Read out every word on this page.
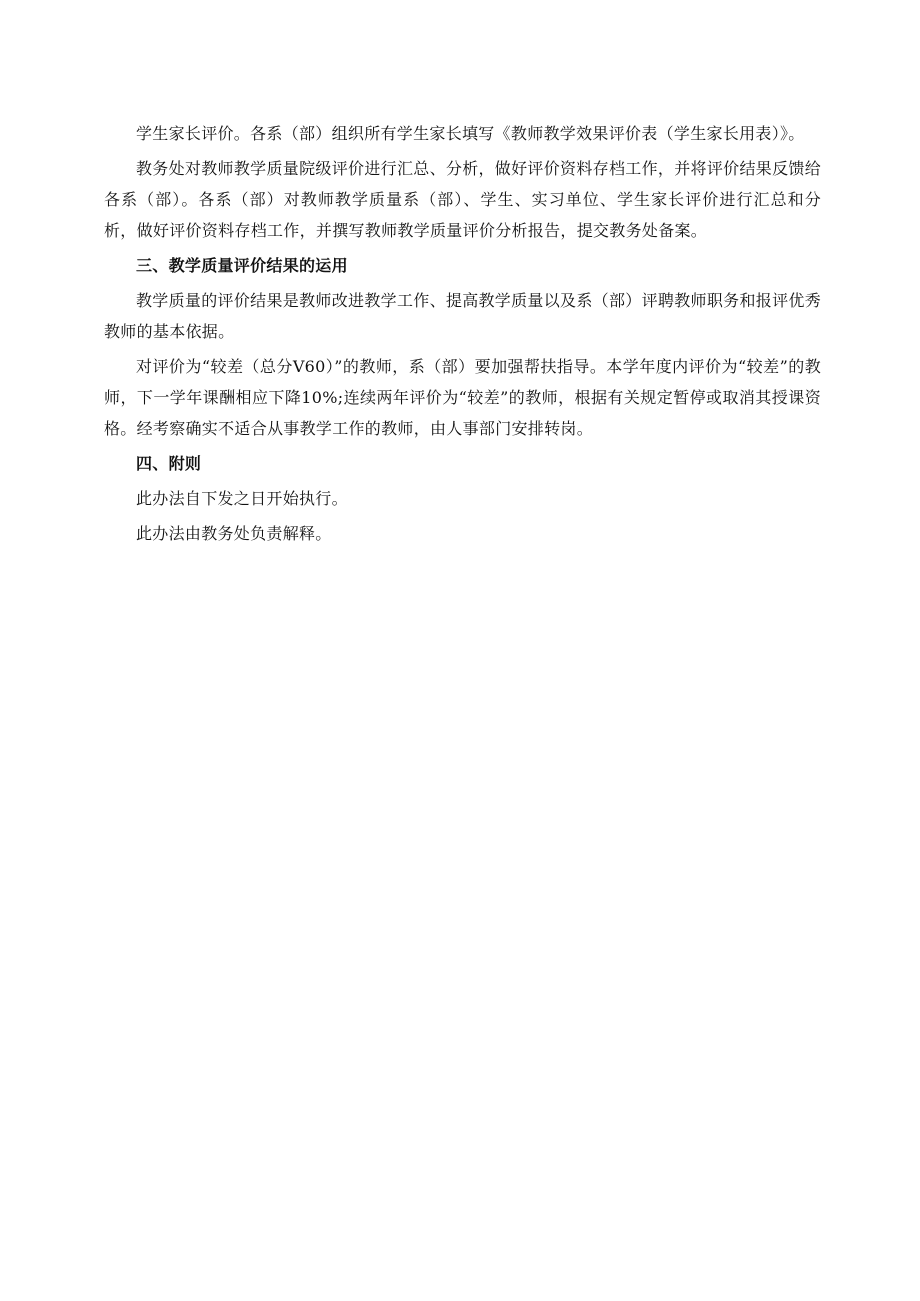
学生家长评价。各系（部）组织所有学生家长填写《教师教学效果评价表（学生家长用表）》。

教务处对教师教学质量院级评价进行汇总、分析，做好评价资料存档工作，并将评价结果反馈给各系（部）。各系（部）对教师教学质量系（部）、学生、实习单位、学生家长评价进行汇总和分析，做好评价资料存档工作，并撰写教师教学质量评价分析报告，提交教务处备案。

三、教学质量评价结果的运用

教学质量的评价结果是教师改进教学工作、提高教学质量以及系（部）评聘教师职务和报评优秀教师的基本依据。

对评价为“较差（总分V60）”的教师，系（部）要加强帮扶指导。本学年度内评价为“较差”的教师，下一学年课酬相应下降10%;连续两年评价为“较差”的教师，根据有关规定暂停或取消其授课资格。经考察确实不适合从事教学工作的教师，由人事部门安排转岗。

四、附则

此办法自下发之日开始执行。

此办法由教务处负责解释。
